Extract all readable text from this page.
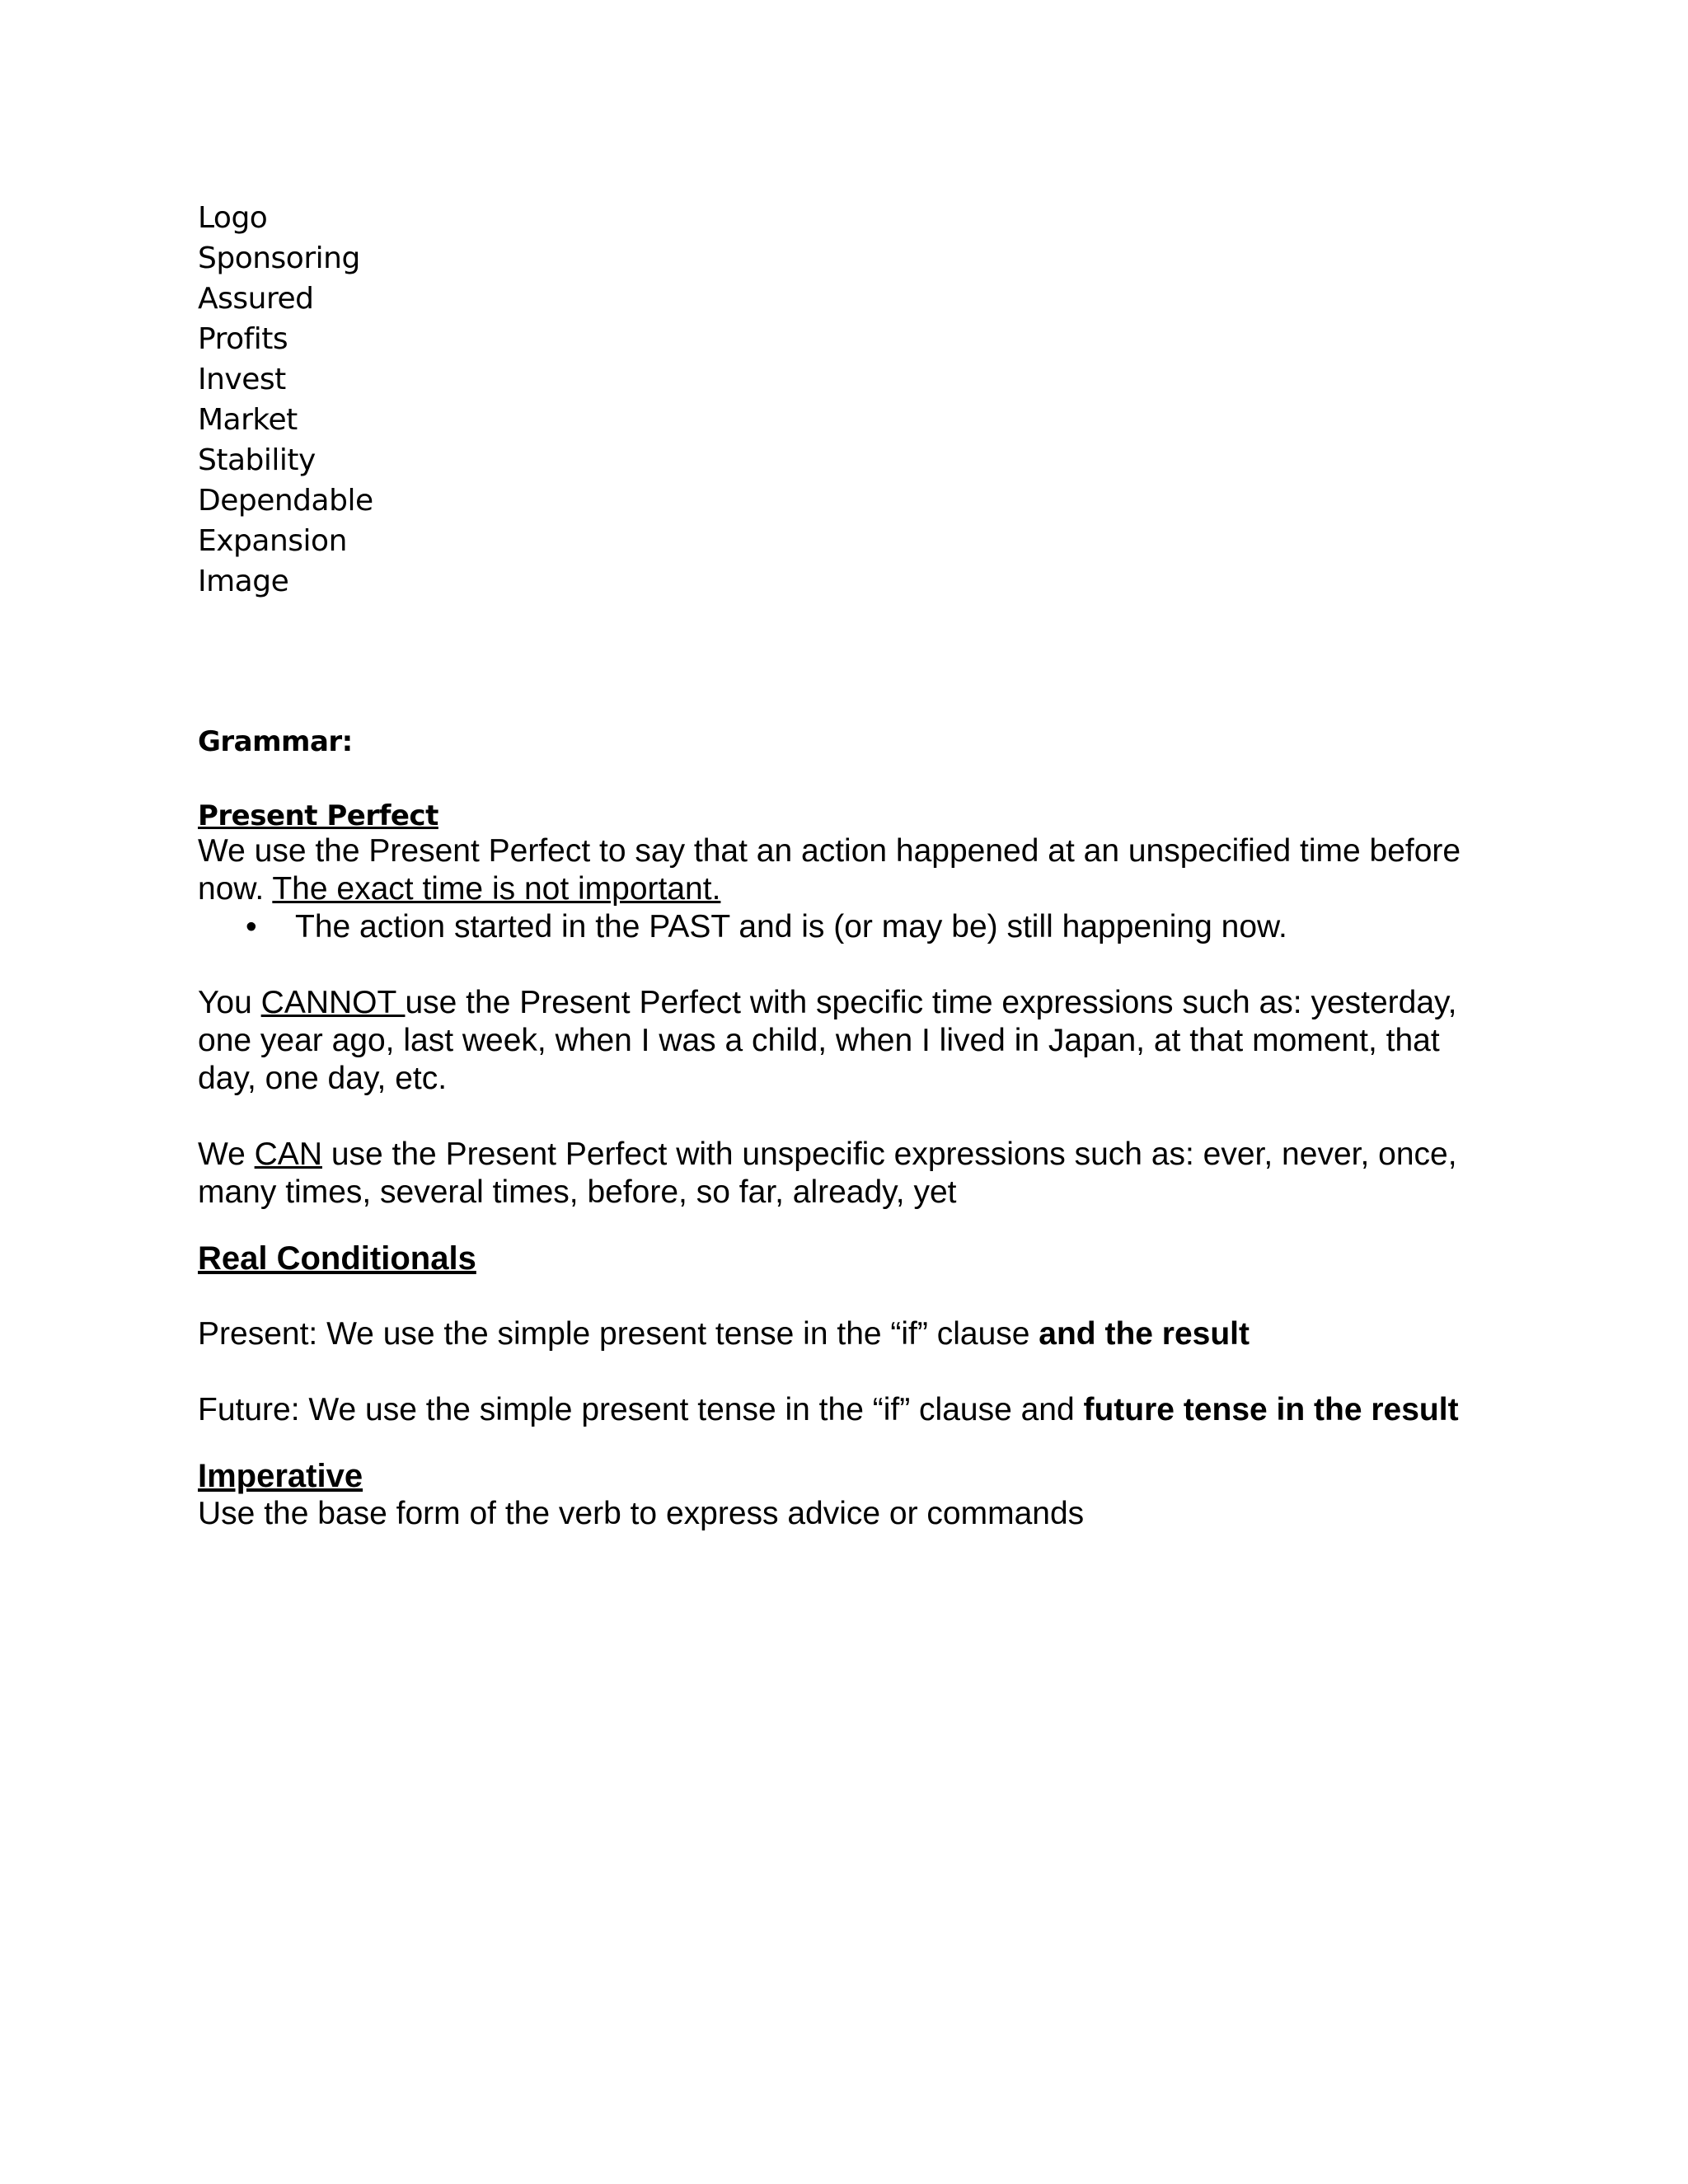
Logo
Sponsoring
Assured
Profits
Invest
Market
Stability
Dependable
Expansion
Image
Grammar:
Present Perfect

We use the Present Perfect to say that an action happened at an unspecified time before now. The exact time is not important.

• The action started in the PAST and is (or may be) still happening now.

You CANNOT use the Present Perfect with specific time expressions such as: yesterday, one year ago, last week, when I was a child, when I lived in Japan, at that moment, that day, one day, etc.

We CAN use the Present Perfect with unspecific expressions such as: ever, never, once, many times, several times, before, so far, already, yet

Real Conditionals

Present: We use the simple present tense in the “if” clause and the result

Future: We use the simple present tense in the “if” clause and future tense in the result

Imperative

Use the base form of the verb to express advice or commands
